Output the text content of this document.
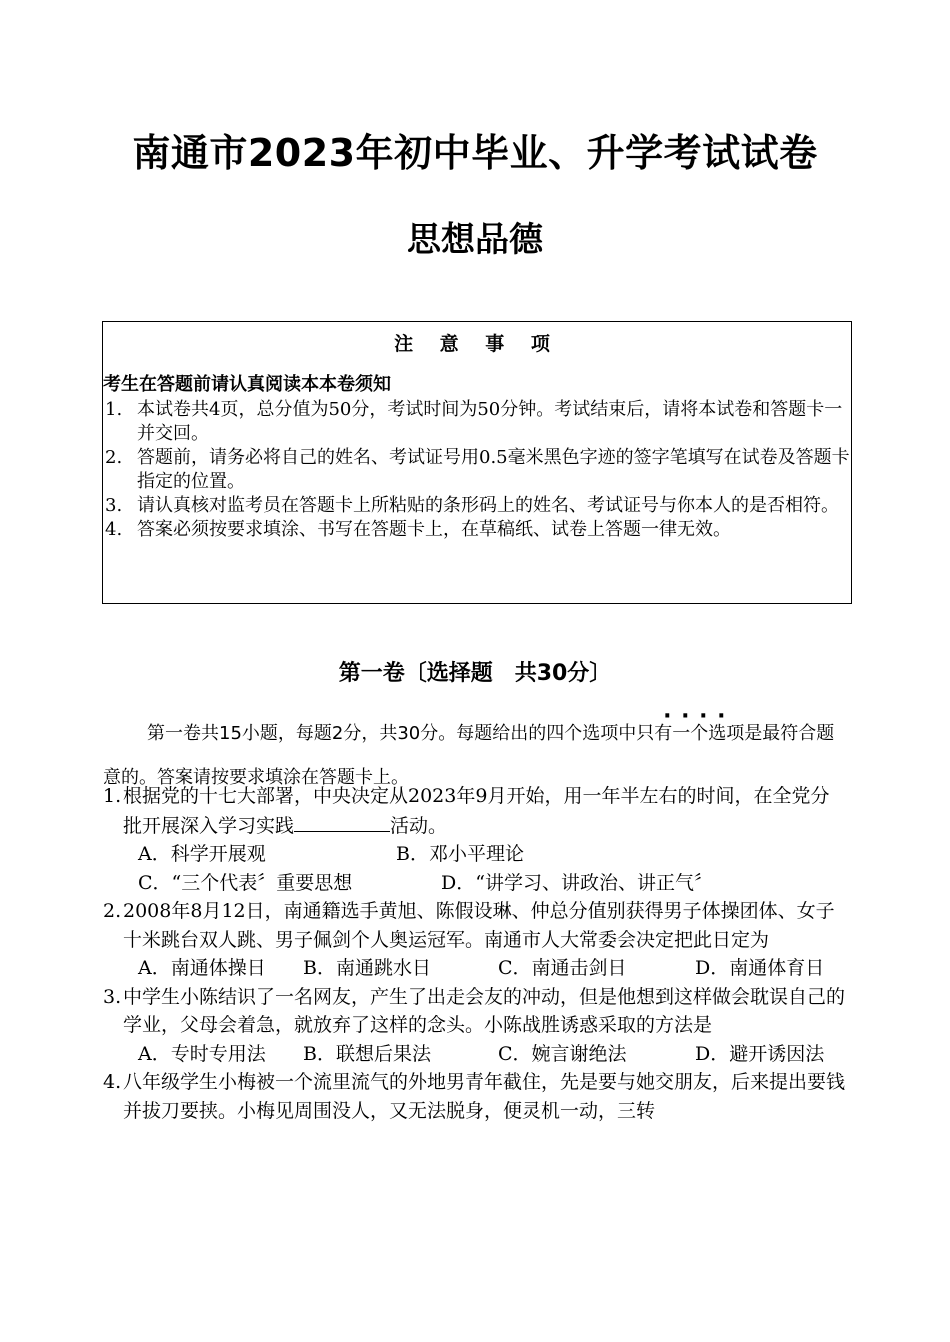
南通市2023年初中毕业、升学考试试卷
思想品德
注 意 事 项
考生在答题前请认真阅读本本卷须知
1. 本试卷共4页，总分值为50分，考试时间为50分钟。考试结束后，请将本试卷和答题卡一并交回。
2. 答题前，请务必将自己的姓名、考试证号用0.5毫米黑色字迹的签字笔填写在试卷及答题卡指定的位置。
3. 请认真核对监考员在答题卡上所粘贴的条形码上的姓名、考试证号与你本人的是否相符。
4. 答案必须按要求填涂、书写在答题卡上，在草稿纸、试卷上答题一律无效。
第一卷〔选择题　共30分〕
第一卷共15小题，每题2分，共30分。每题给出的四个选项中只有一个选项是最符合题意的。答案请按要求填涂在答题卡上。
1. 根据党的十七大部署，中央决定从2023年9月开始，用一年半左右的时间，在全党分批开展深入学习实践	活动。
A．科学开展观	B．邓小平理论
C．“三个代表〞重要思想	D．“讲学习、讲政治、讲正气〞
2. 2008年8月12日，南通籍选手黄旭、陈假设琳、仲总分值别获得男子体操团体、女子十米跳台双人跳、男子佩剑个人奥运冠军。南通市人大常委会决定把此日定为
A．南通体操日	B．南通跳水日	C．南通击剑日	D．南通体育日
3. 中学生小陈结识了一名网友，产生了出走会友的冲动，但是他想到这样做会耽误自己的学业，父母会着急，就放弃了这样的念头。小陈战胜诱惑采取的方法是
A．专时专用法	B．联想后果法	C．婉言谢绝法	D．避开诱因法
4. 八年级学生小梅被一个流里流气的外地男青年截住，先是要与她交朋友，后来提出要钱并拔刀要挟。小梅见周围没人，又无法脱身，便灵机一动，三转
